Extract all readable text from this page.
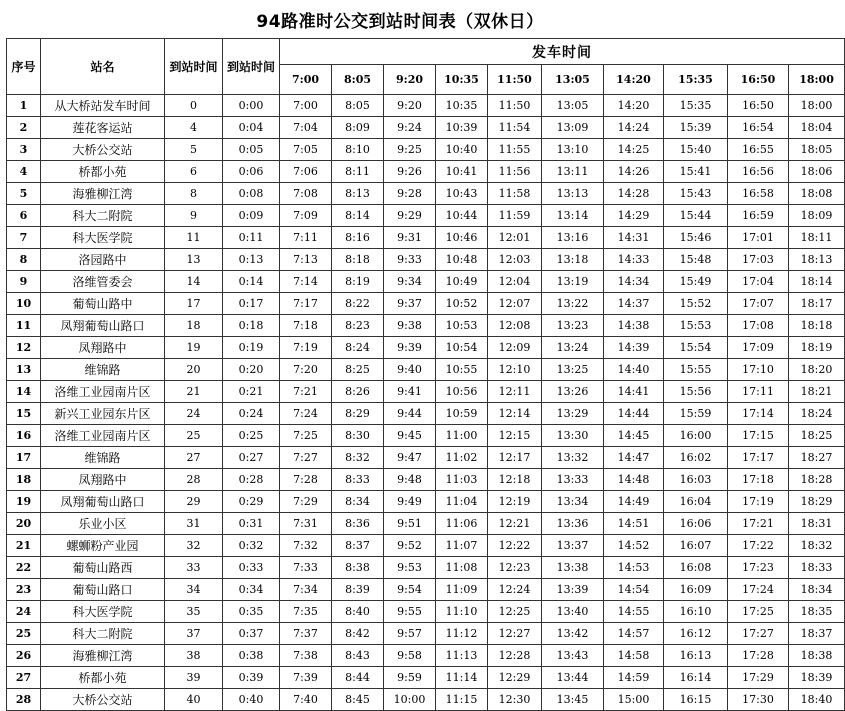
94路准时公交到站时间表（双休日）
序号	站名	到站时间	到站时间	发车时间									
				7:00	8:05	9:20	10:35	11:50	13:05	14:20	15:35	16:50	18:00
1	从大桥站发车时间	0	0:00	7:00	8:05	9:20	10:35	11:50	13:05	14:20	15:35	16:50	18:00
2	莲花客运站	4	0:04	7:04	8:09	9:24	10:39	11:54	13:09	14:24	15:39	16:54	18:04
3	大桥公交站	5	0:05	7:05	8:10	9:25	10:40	11:55	13:10	14:25	15:40	16:55	18:05
4	桥都小苑	6	0:06	7:06	8:11	9:26	10:41	11:56	13:11	14:26	15:41	16:56	18:06
5	海雅柳江湾	8	0:08	7:08	8:13	9:28	10:43	11:58	13:13	14:28	15:43	16:58	18:08
6	科大二附院	9	0:09	7:09	8:14	9:29	10:44	11:59	13:14	14:29	15:44	16:59	18:09
7	科大医学院	11	0:11	7:11	8:16	9:31	10:46	12:01	13:16	14:31	15:46	17:01	18:11
8	洛园路中	13	0:13	7:13	8:18	9:33	10:48	12:03	13:18	14:33	15:48	17:03	18:13
9	洛维管委会	14	0:14	7:14	8:19	9:34	10:49	12:04	13:19	14:34	15:49	17:04	18:14
10	葡萄山路中	17	0:17	7:17	8:22	9:37	10:52	12:07	13:22	14:37	15:52	17:07	18:17
11	凤翔葡萄山路口	18	0:18	7:18	8:23	9:38	10:53	12:08	13:23	14:38	15:53	17:08	18:18
12	凤翔路中	19	0:19	7:19	8:24	9:39	10:54	12:09	13:24	14:39	15:54	17:09	18:19
13	维锦路	20	0:20	7:20	8:25	9:40	10:55	12:10	13:25	14:40	15:55	17:10	18:20
14	洛维工业园南片区	21	0:21	7:21	8:26	9:41	10:56	12:11	13:26	14:41	15:56	17:11	18:21
15	新兴工业园东片区	24	0:24	7:24	8:29	9:44	10:59	12:14	13:29	14:44	15:59	17:14	18:24
16	洛维工业园南片区	25	0:25	7:25	8:30	9:45	11:00	12:15	13:30	14:45	16:00	17:15	18:25
17	维锦路	27	0:27	7:27	8:32	9:47	11:02	12:17	13:32	14:47	16:02	17:17	18:27
18	凤翔路中	28	0:28	7:28	8:33	9:48	11:03	12:18	13:33	14:48	16:03	17:18	18:28
19	凤翔葡萄山路口	29	0:29	7:29	8:34	9:49	11:04	12:19	13:34	14:49	16:04	17:19	18:29
20	乐业小区	31	0:31	7:31	8:36	9:51	11:06	12:21	13:36	14:51	16:06	17:21	18:31
21	螺蛳粉产业园	32	0:32	7:32	8:37	9:52	11:07	12:22	13:37	14:52	16:07	17:22	18:32
22	葡萄山路西	33	0:33	7:33	8:38	9:53	11:08	12:23	13:38	14:53	16:08	17:23	18:33
23	葡萄山路口	34	0:34	7:34	8:39	9:54	11:09	12:24	13:39	14:54	16:09	17:24	18:34
24	科大医学院	35	0:35	7:35	8:40	9:55	11:10	12:25	13:40	14:55	16:10	17:25	18:35
25	科大二附院	37	0:37	7:37	8:42	9:57	11:12	12:27	13:42	14:57	16:12	17:27	18:37
26	海雅柳江湾	38	0:38	7:38	8:43	9:58	11:13	12:28	13:43	14:58	16:13	17:28	18:38
27	桥都小苑	39	0:39	7:39	8:44	9:59	11:14	12:29	13:44	14:59	16:14	17:29	18:39
28	大桥公交站	40	0:40	7:40	8:45	10:00	11:15	12:30	13:45	15:00	16:15	17:30	18:40
